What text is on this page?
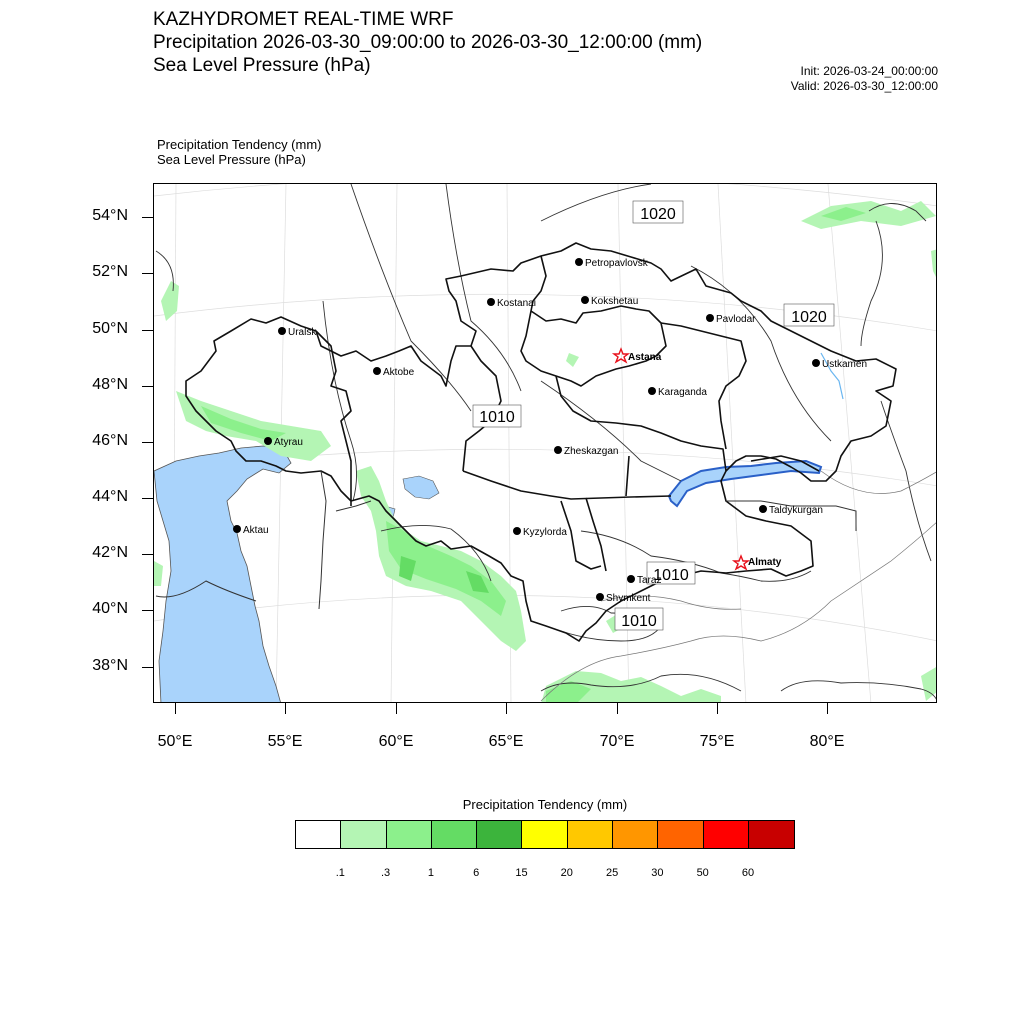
KAZHYDROMET REAL-TIME WRF
Precipitation 2026-03-30_09:00:00 to 2026-03-30_12:00:00 (mm)
Sea Level Pressure (hPa)	Init: 2026-03-24_00:00:00
Valid: 2026-03-30_12:00:00
Precipitation Tendency (mm)
Sea Level Pressure (hPa)
54°N
52°N
50°N
48°N
46°N
44°N
42°N
40°N
38°N
50°E	55°E	60°E	65°E	70°E	75°E	80°E
1020
1020
1010
1010
1010
Petropavlovsk
Kostanai	Kokshetau
Uralsk
Pavlodar
Astana
Ustkamen
Aktobe
Karaganda
Atyrau
Zheskazgan
Aktau	Kyzylorda
Taldykurgan
Almaty
Taraz
Shymkent
Precipitation Tendency (mm)
.1	.3	1	6	15	20	25	30	50	60
